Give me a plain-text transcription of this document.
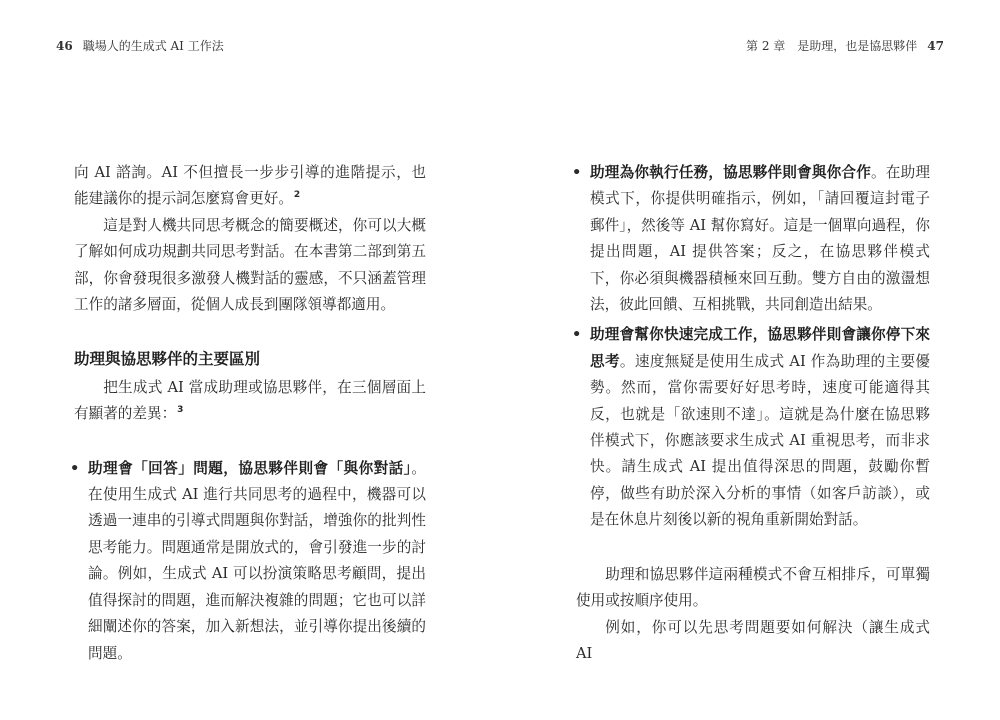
46 職場人的生成式 AI 工作法

向 AI 諮詢。AI 不但擅長一步步引導的進階提示，也能建議你的提示詞怎麼寫會更好。$^2$

這是對人機共同思考概念的簡要概述，你可以大概了解如何成功規劃共同思考對話。在本書第二部到第五部，你會發現很多激發人機對話的靈感，不只涵蓋管理工作的諸多層面，從個人成長到團隊領導都適用。

助理與協思夥伴的主要區別

把生成式 AI 當成助理或協思夥伴，在三個層面上有顯著的差異：$^3$

• 助理會「回答」問題，協思夥伴則會「與你對話」。在使用生成式 AI 進行共同思考的過程中，機器可以透過一連串的引導式問題與你對話，增強你的批判性思考能力。問題通常是開放式的，會引發進一步的討論。例如，生成式 AI 可以扮演策略思考顧問，提出值得探討的問題，進而解決複雜的問題；它也可以詳細闡述你的答案，加入新想法，並引導你提出後續的問題。
第 2 章　是助理，也是協思夥伴 47
• 助理為你執行任務，協思夥伴則會與你合作。在助理模式下，你提供明確指示，例如，「請回覆這封電子郵件」，然後等 AI 幫你寫好。這是一個單向過程，你提出問題，AI 提供答案；反之，在協思夥伴模式下，你必須與機器積極來回互動。雙方自由的激盪想法，彼此回饋、互相挑戰，共同創造出結果。
• 助理會幫你快速完成工作，協思夥伴則會讓你停下來思考。速度無疑是使用生成式 AI 作為助理的主要優勢。然而，當你需要好好思考時，速度可能適得其反，也就是「欲速則不達」。這就是為什麼在協思夥伴模式下，你應該要求生成式 AI 重視思考，而非求快。請生成式 AI 提出值得深思的問題，鼓勵你暫停，做些有助於深入分析的事情（如客戶訪談），或是在休息片刻後以新的視角重新開始對話。

助理和協思夥伴這兩種模式不會互相排斥，可單獨使用或按順序使用。

例如，你可以先思考問題要如何解決（讓生成式 AI
